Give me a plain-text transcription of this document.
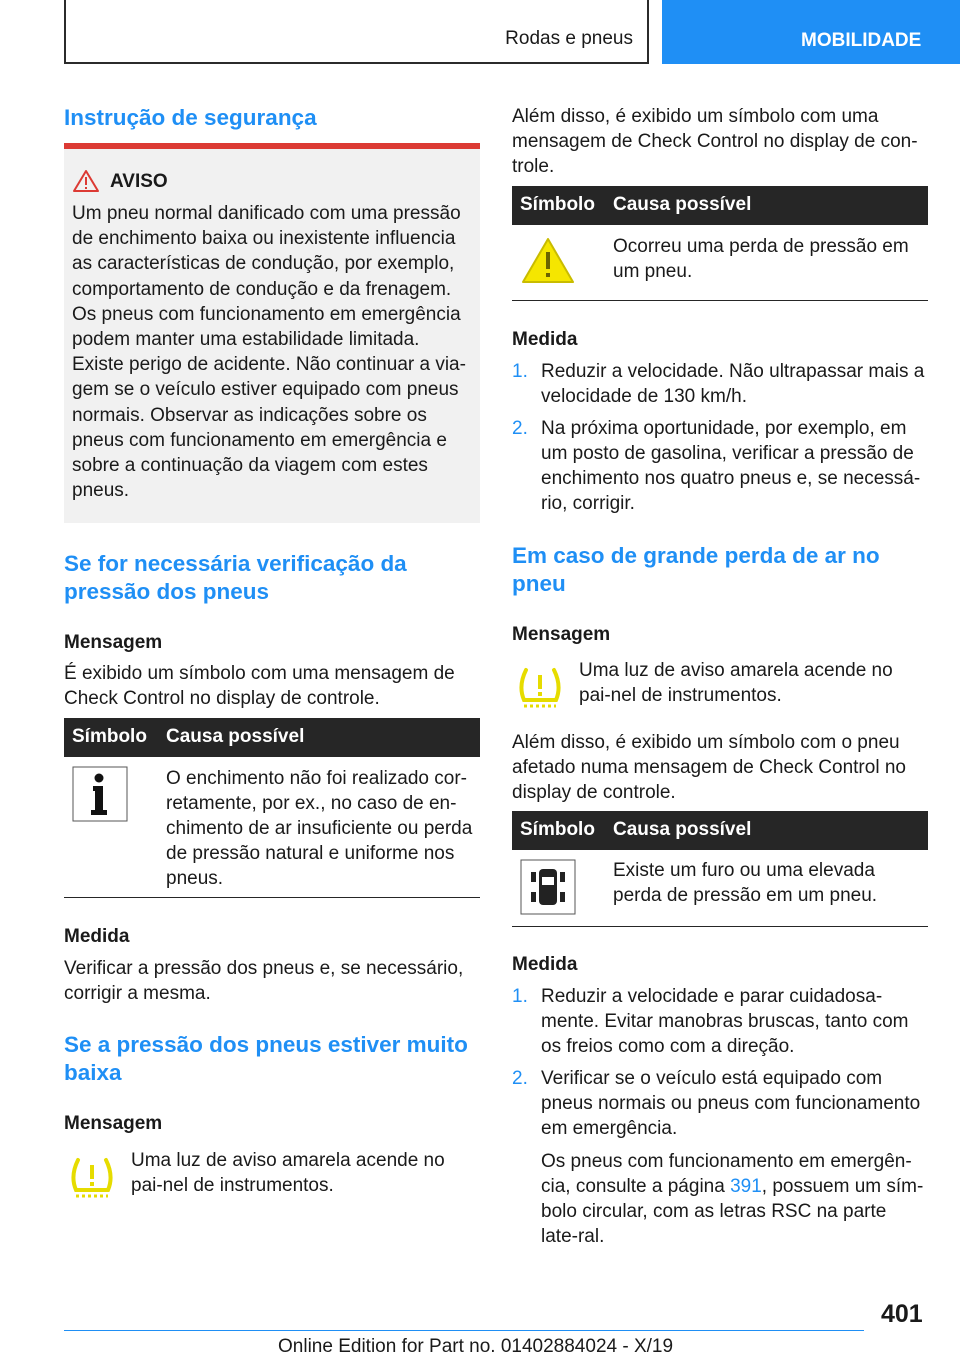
Rodas e pneus	MOBILIDADE
Instrução de segurança
AVISO
Um pneu normal danificado com uma pressão de enchimento baixa ou inexistente influencia as características de condução, por exemplo, comportamento de condução e da frenagem. Os pneus com funcionamento em emergência podem manter uma estabilidade limitada. Existe perigo de acidente. Não continuar a via-gem se o veículo estiver equipado com pneus normais. Observar as indicações sobre os pneus com funcionamento em emergência e sobre a continuação da viagem com estes pneus.
Se for necessária verificação da pressão dos pneus
Mensagem
É exibido um símbolo com uma mensagem de Check Control no display de controle.
Símbolo Causa possível
O enchimento não foi realizado cor-retamente, por ex., no caso de en-chimento de ar insuficiente ou perda de pressão natural e uniforme nos pneus.
Medida
Verificar a pressão dos pneus e, se necessário, corrigir a mesma.
Se a pressão dos pneus estiver muito baixa
Mensagem
Uma luz de aviso amarela acende no pai-nel de instrumentos.
Além disso, é exibido um símbolo com uma mensagem de Check Control no display de con-trole.
Símbolo Causa possível
Ocorreu uma perda de pressão em um pneu.
Medida
1. Reduzir a velocidade. Não ultrapassar mais a velocidade de 130 km/h.
2. Na próxima oportunidade, por exemplo, em um posto de gasolina, verificar a pressão de enchimento nos quatro pneus e, se necessá-rio, corrigir.
Em caso de grande perda de ar no pneu
Mensagem
Uma luz de aviso amarela acende no pai-nel de instrumentos.
Além disso, é exibido um símbolo com o pneu afetado numa mensagem de Check Control no display de controle.
Símbolo Causa possível
Existe um furo ou uma elevada perda de pressão em um pneu.
Medida
1. Reduzir a velocidade e parar cuidadosa-mente. Evitar manobras bruscas, tanto com os freios como com a direção.
2. Verificar se o veículo está equipado com pneus normais ou pneus com funcionamento em emergência.
Os pneus com funcionamento em emergên-cia, consulte a página 391, possuem um sím-bolo circular, com as letras RSC na parte late-ral.
401
Online Edition for Part no. 01402884024 - X/19
